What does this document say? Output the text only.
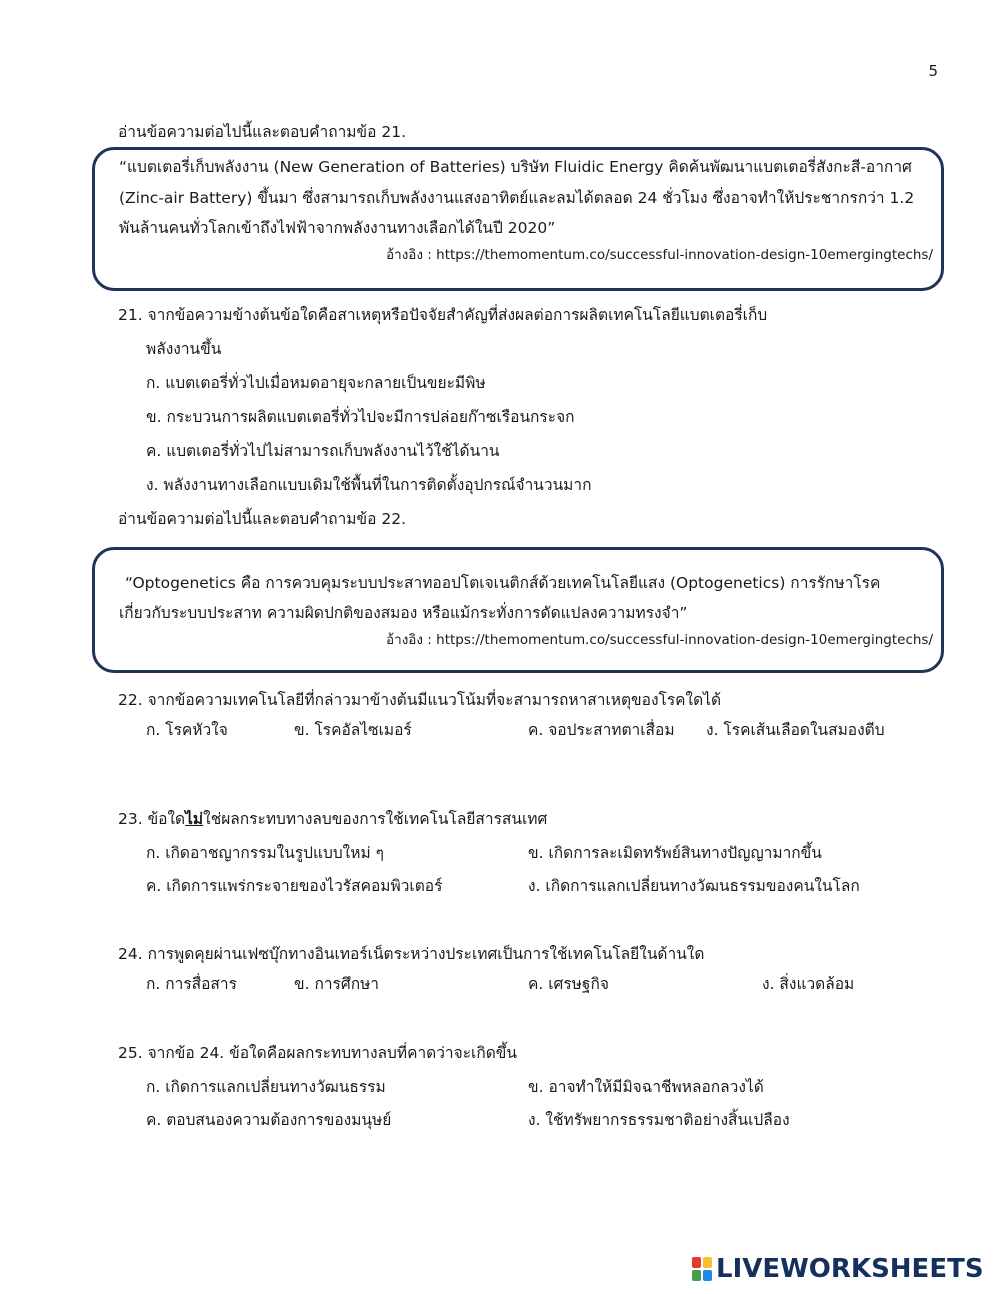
5
อ่านข้อความต่อไปนี้และตอบคำถามข้อ 21.
“แบตเตอรี่เก็บพลังงาน (New Generation of Batteries) บริษัท Fluidic Energy คิดค้นพัฒนาแบตเตอรี่สังกะสี-อากาศ
(Zinc-air Battery) ขึ้นมา ซึ่งสามารถเก็บพลังงานแสงอาทิตย์และลมได้ตลอด 24 ชั่วโมง ซึ่งอาจทำให้ประชากรกว่า 1.2
พันล้านคนทั่วโลกเข้าถึงไฟฟ้าจากพลังงานทางเลือกได้ในปี 2020”
อ้างอิง : https://themomentum.co/successful-innovation-design-10emergingtechs/
21. จากข้อความข้างต้นข้อใดคือสาเหตุหรือปัจจัยสำคัญที่ส่งผลต่อการผลิตเทคโนโลยีแบตเตอรี่เก็บ
พลังงานขึ้น
ก. แบตเตอรี่ทั่วไปเมื่อหมดอายุจะกลายเป็นขยะมีพิษ
ข. กระบวนการผลิตแบตเตอรี่ทั่วไปจะมีการปล่อยก๊าซเรือนกระจก
ค. แบตเตอรี่ทั่วไปไม่สามารถเก็บพลังงานไว้ใช้ได้นาน
ง. พลังงานทางเลือกแบบเดิมใช้พื้นที่ในการติดตั้งอุปกรณ์จำนวนมาก
อ่านข้อความต่อไปนี้และตอบคำถามข้อ 22.
“Optogenetics คือ การควบคุมระบบประสาทออปโตเจเนติกส์ด้วยเทคโนโลยีแสง (Optogenetics) การรักษาโรค
เกี่ยวกับระบบประสาท ความผิดปกติของสมอง หรือแม้กระทั่งการดัดแปลงความทรงจำ”
อ้างอิง : https://themomentum.co/successful-innovation-design-10emergingtechs/
22. จากข้อความเทคโนโลยีที่กล่าวมาข้างต้นมีแนวโน้มที่จะสามารถหาสาเหตุของโรคใดได้
ก. โรคหัวใจ	ข. โรคอัลไซเมอร์	ค. จอประสาทตาเสื่อม ง. โรคเส้นเลือดในสมองตีบ
23. ข้อใดไม่ใช่ผลกระทบทางลบของการใช้เทคโนโลยีสารสนเทศ
ก. เกิดอาชญากรรมในรูปแบบใหม่ ๆ	ข. เกิดการละเมิดทรัพย์สินทางปัญญามากขึ้น
ค. เกิดการแพร่กระจายของไวรัสคอมพิวเตอร์	ง. เกิดการแลกเปลี่ยนทางวัฒนธรรมของคนในโลก
24. การพูดคุยผ่านเฟซบุ๊กทางอินเทอร์เน็ตระหว่างประเทศเป็นการใช้เทคโนโลยีในด้านใด
ก. การสื่อสาร	ข. การศึกษา	ค. เศรษฐกิจ	ง. สิ่งแวดล้อม
25. จากข้อ 24. ข้อใดคือผลกระทบทางลบที่คาดว่าจะเกิดขึ้น
ก. เกิดการแลกเปลี่ยนทางวัฒนธรรม	ข. อาจทำให้มีมิจฉาชีพหลอกลวงได้
ค. ตอบสนองความต้องการของมนุษย์	ง. ใช้ทรัพยากรธรรมชาติอย่างสิ้นเปลือง
LIVEWORKSHEETS
